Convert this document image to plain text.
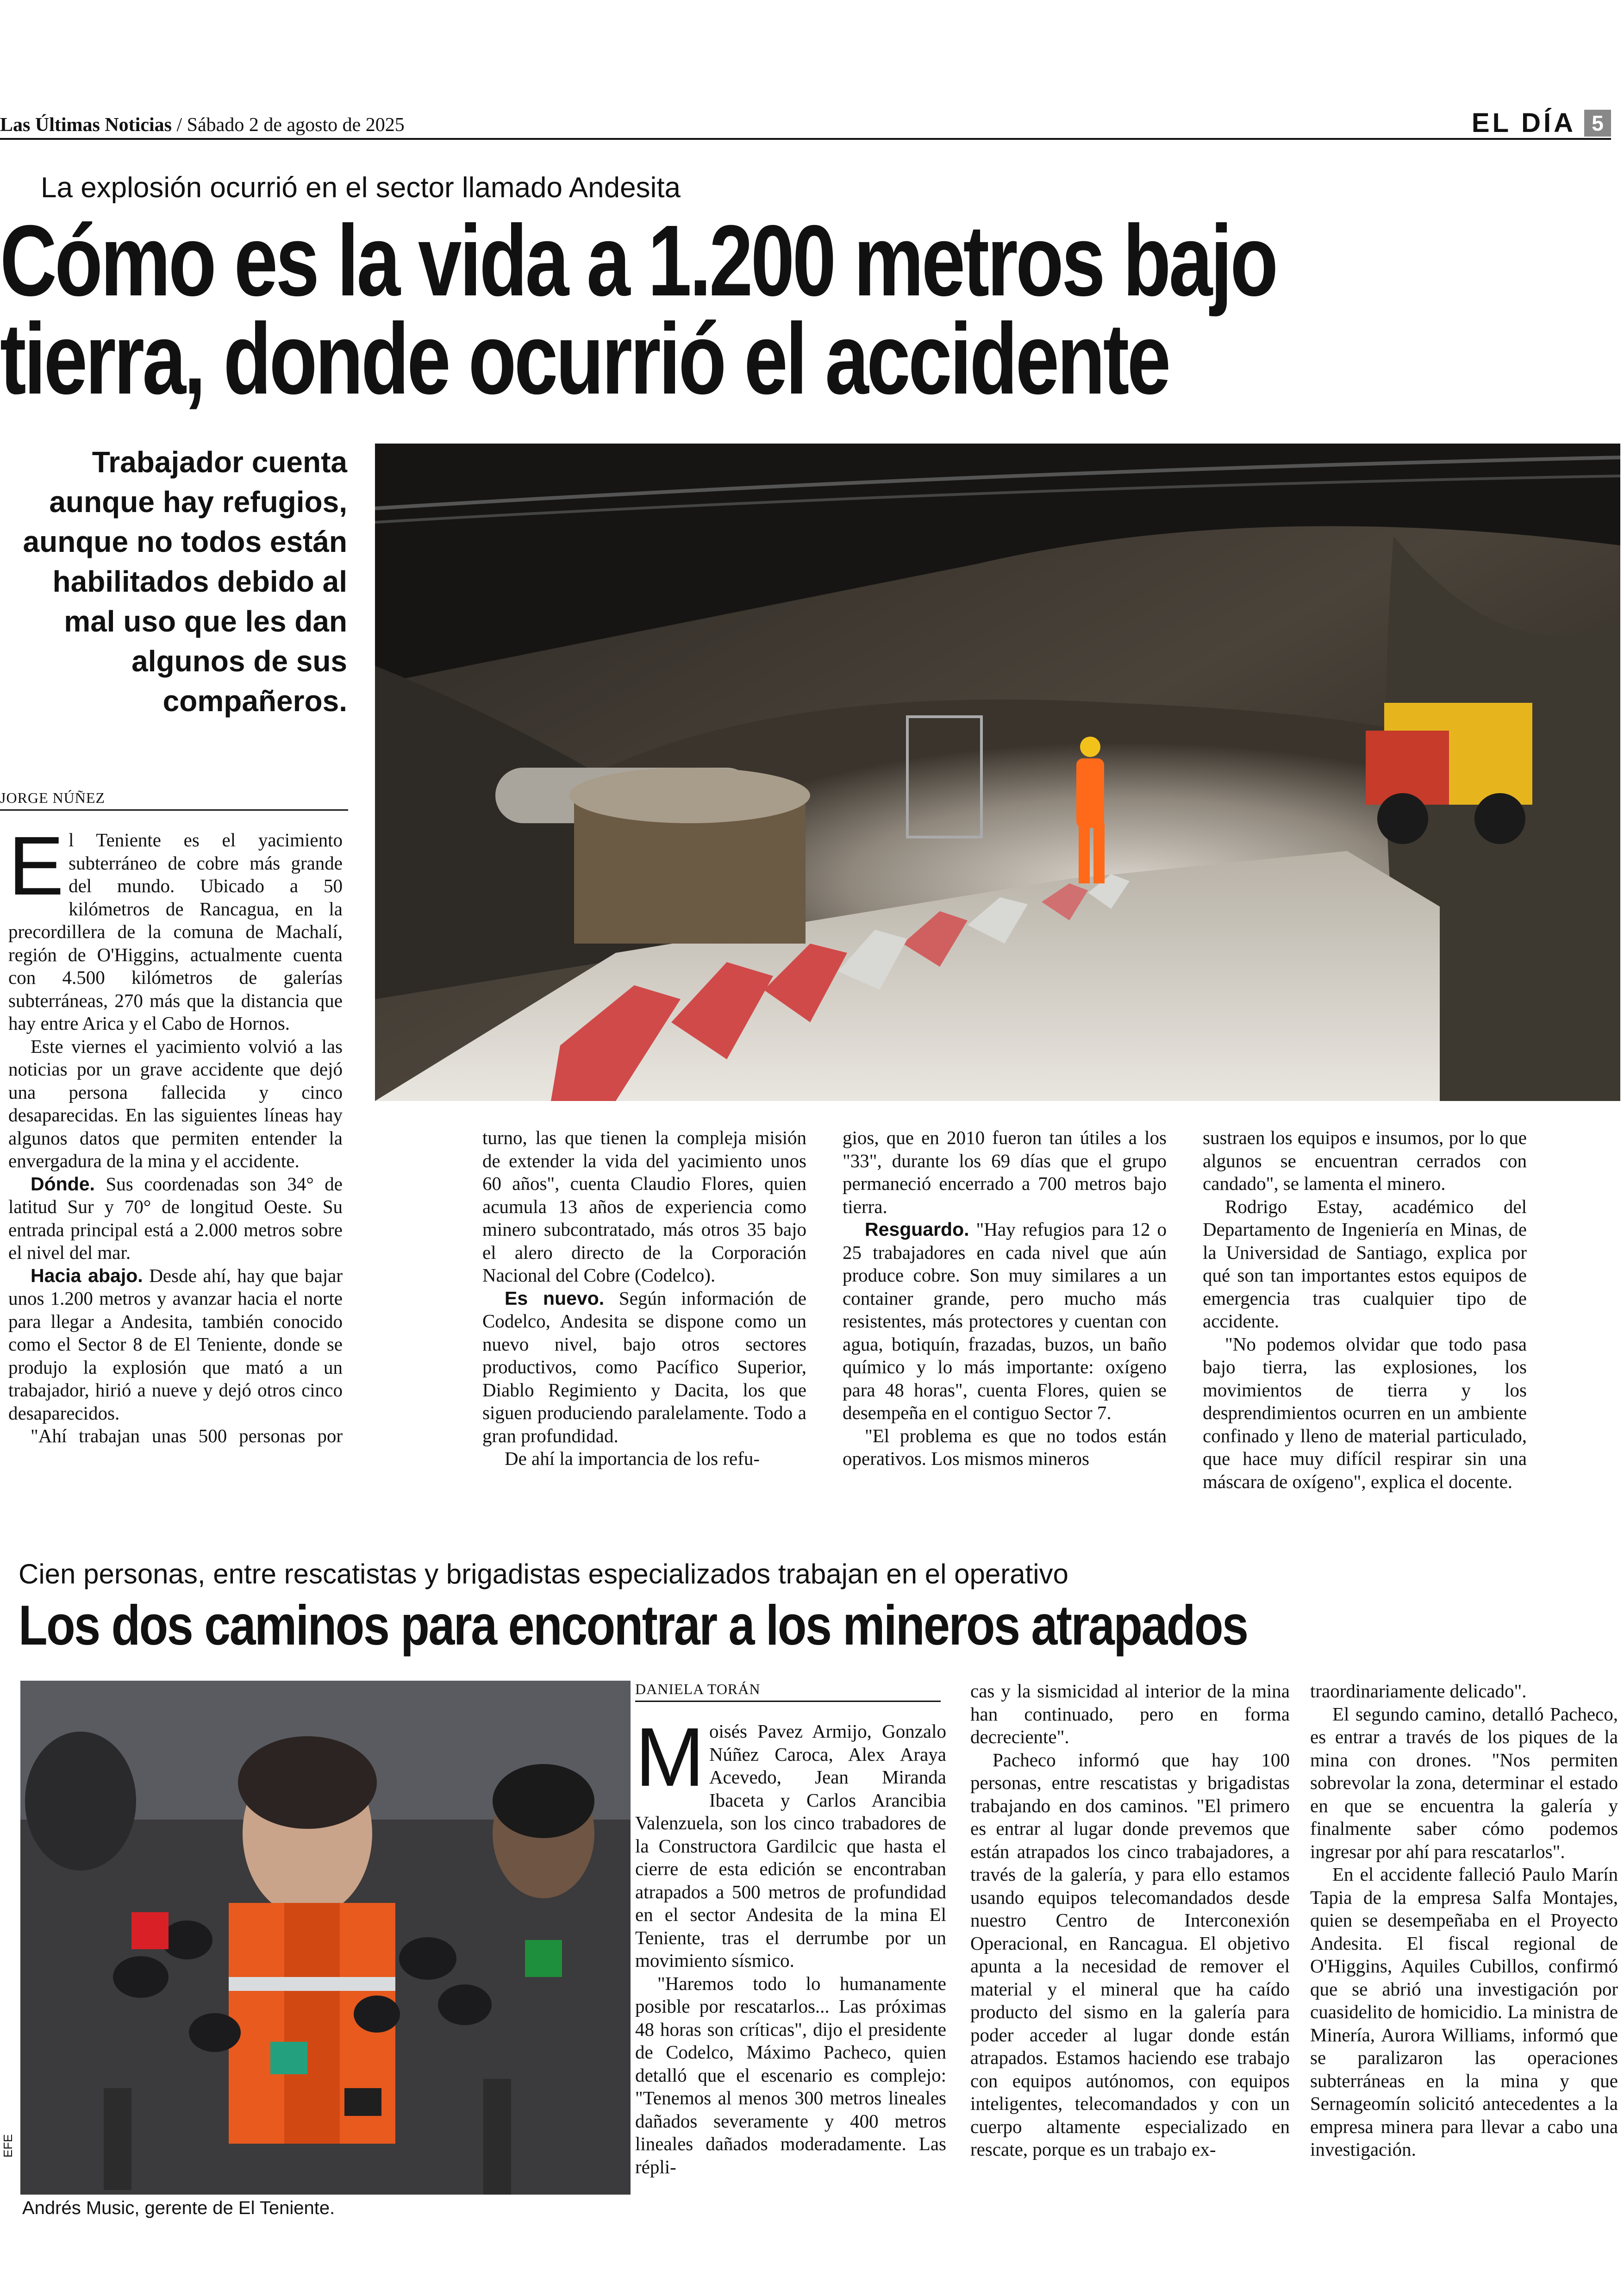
Las Últimas Noticias / Sábado 2 de agosto de 2025	EL DÍA 5
La explosión ocurrió en el sector llamado Andesita
Cómo es la vida a 1.200 metros bajo
tierra, donde ocurrió el accidente
Trabajador cuenta aunque hay refugios, aunque no todos están habilitados debido al mal uso que les dan algunos de sus compañeros.
JORGE NÚÑEZ

El Teniente es el yacimiento subterráneo de cobre más grande del mundo. Ubicado a 50 kilómetros de Rancagua, en la precordillera de la comuna de Machalí, región de O'Higgins, actualmente cuenta con 4.500 kilómetros de galerías subterráneas, 270 más que la distancia que hay entre Arica y el Cabo de Hornos.

Este viernes el yacimiento volvió a las noticias por un grave accidente que dejó una persona fallecida y cinco desaparecidas. En las siguientes líneas hay algunos datos que permiten entender la envergadura de la mina y el accidente.

Dónde. Sus coordenadas son 34° de latitud Sur y 70° de longitud Oeste. Su entrada principal está a 2.000 metros sobre el nivel del mar.

Hacia abajo. Desde ahí, hay que bajar unos 1.200 metros y avanzar hacia el norte para llegar a Andesita, también conocido como el Sector 8 de El Teniente, donde se produjo la explosión que mató a un trabajador, hirió a nueve y dejó otros cinco desaparecidos.

"Ahí trabajan unas 500 personas por

turno, las que tienen la compleja misión de extender la vida del yacimiento unos 60 años", cuenta Claudio Flores, quien acumula 13 años de experiencia como minero subcontratado, más otros 35 bajo el alero directo de la Corporación Nacional del Cobre (Codelco).

Es nuevo. Según información de Codelco, Andesita se dispone como un nuevo nivel, bajo otros sectores productivos, como Pacífico Superior, Diablo Regimiento y Dacita, los que siguen produciendo paralelamente. Todo a gran profundidad.

De ahí la importancia de los refu-

gios, que en 2010 fueron tan útiles a los "33", durante los 69 días que el grupo permaneció encerrado a 700 metros bajo tierra.

Resguardo. "Hay refugios para 12 o 25 trabajadores en cada nivel que aún produce cobre. Son muy similares a un container grande, pero mucho más resistentes, más protectores y cuentan con agua, botiquín, frazadas, buzos, un baño químico y lo más importante: oxígeno para 48 horas", cuenta Flores, quien se desempeña en el contiguo Sector 7.

"El problema es que no todos están operativos. Los mismos mineros

sustraen los equipos e insumos, por lo que algunos se encuentran cerrados con candado", se lamenta el minero.

Rodrigo Estay, académico del Departamento de Ingeniería en Minas, de la Universidad de Santiago, explica por qué son tan importantes estos equipos de emergencia tras cualquier tipo de accidente.

"No podemos olvidar que todo pasa bajo tierra, las explosiones, los movimientos de tierra y los desprendimientos ocurren en un ambiente confinado y lleno de material particulado, que hace muy difícil respirar sin una máscara de oxígeno", explica el docente.

Cien personas, entre rescatistas y brigadistas especializados trabajan en el operativo
Los dos caminos para encontrar a los mineros atrapados
EFE
Andrés Music, gerente de El Teniente.
DANIELA TORÁN

Moisés Pavez Armijo, Gonzalo Núñez Caroca, Alex Araya Acevedo, Jean Miranda Ibaceta y Carlos Arancibia Valenzuela, son los cinco trabadores de la Constructora Gardilcic que hasta el cierre de esta edición se encontraban atrapados a 500 metros de profundidad en el sector Andesita de la mina El Teniente, tras el derrumbe por un movimiento sísmico.

"Haremos todo lo humanamente posible por rescatarlos... Las próximas 48 horas son críticas", dijo el presidente de Codelco, Máximo Pacheco, quien detalló que el escenario es complejo: "Tenemos al menos 300 metros lineales dañados severamente y 400 metros lineales dañados moderadamente. Las répli-

cas y la sismicidad al interior de la mina han continuado, pero en forma decreciente".

Pacheco informó que hay 100 personas, entre rescatistas y brigadistas trabajando en dos caminos. "El primero es entrar al lugar donde prevemos que están atrapados los cinco trabajadores, a través de la galería, y para ello estamos usando equipos telecomandados desde nuestro Centro de Interconexión Operacional, en Rancagua. El objetivo apunta a la necesidad de remover el material y el mineral que ha caído producto del sismo en la galería para poder acceder al lugar donde están atrapados. Estamos haciendo ese trabajo con equipos autónomos, con equipos inteligentes, telecomandados y con un cuerpo altamente especializado en rescate, porque es un trabajo ex-

traordinariamente delicado".

El segundo camino, detalló Pacheco, es entrar a través de los piques de la mina con drones. "Nos permiten sobrevolar la zona, determinar el estado en que se encuentra la galería y finalmente saber cómo podemos ingresar por ahí para rescatarlos".

En el accidente falleció Paulo Marín Tapia de la empresa Salfa Montajes, quien se desempeñaba en el Proyecto Andesita. El fiscal regional de O'Higgins, Aquiles Cubillos, confirmó que se abrió una investigación por cuasidelito de homicidio. La ministra de Minería, Aurora Williams, informó que se paralizaron las operaciones subterráneas en la mina y que Sernageomín solicitó antecedentes a la empresa minera para llevar a cabo una investigación.
